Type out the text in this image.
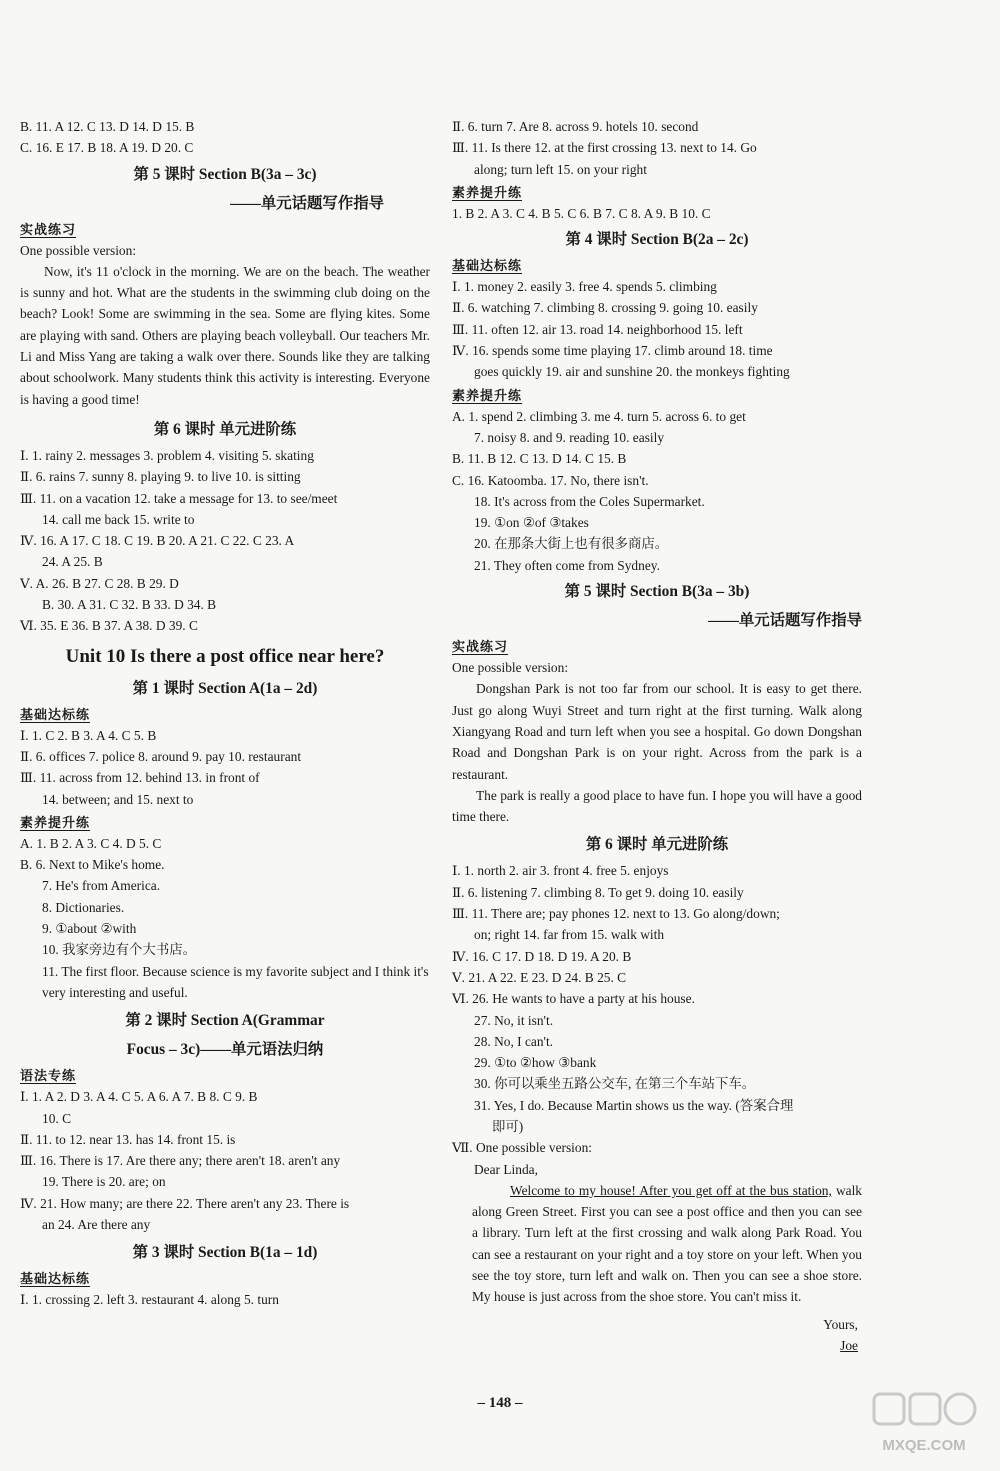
B. 11. A 12. C 13. D 14. D 15. B
C. 16. E 17. B 18. A 19. D 20. C
第 5 课时 Section B(3a – 3c)
——单元话题写作指导
实战练习
One possible version:
Now, it's 11 o'clock in the morning. We are on the beach. The weather is sunny and hot. What are the students in the swimming club doing on the beach? Look! Some are swimming in the sea. Some are flying kites. Some are playing with sand. Others are playing beach volleyball. Our teachers Mr. Li and Miss Yang are taking a walk over there. Sounds like they are talking about schoolwork. Many students think this activity is interesting. Everyone is having a good time!
第 6 课时 单元进阶练
Ⅰ. 1. rainy 2. messages 3. problem 4. visiting 5. skating
Ⅱ. 6. rains 7. sunny 8. playing 9. to live 10. is sitting
Ⅲ. 11. on a vacation 12. take a message for 13. to see/meet
14. call me back 15. write to
Ⅳ. 16. A 17. C 18. C 19. B 20. A 21. C 22. C 23. A
24. A 25. B
Ⅴ. A. 26. B 27. C 28. B 29. D
B. 30. A 31. C 32. B 33. D 34. B
Ⅵ. 35. E 36. B 37. A 38. D 39. C
Unit 10 Is there a post office near here?
第 1 课时 Section A(1a – 2d)
基础达标练
Ⅰ. 1. C 2. B 3. A 4. C 5. B
Ⅱ. 6. offices 7. police 8. around 9. pay 10. restaurant
Ⅲ. 11. across from 12. behind 13. in front of
14. between; and 15. next to
素养提升练
A. 1. B 2. A 3. C 4. D 5. C
B. 6. Next to Mike's home.
7. He's from America.
8. Dictionaries.
9. ①about ②with
10. 我家旁边有个大书店。
11. The first floor. Because science is my favorite subject and I think it's very interesting and useful.
第 2 课时 Section A(Grammar
Focus – 3c)——单元语法归纳
语法专练
Ⅰ. 1. A 2. D 3. A 4. C 5. A 6. A 7. B 8. C 9. B
10. C
Ⅱ. 11. to 12. near 13. has 14. front 15. is
Ⅲ. 16. There is 17. Are there any; there aren't 18. aren't any
19. There is 20. are; on
Ⅳ. 21. How many; are there 22. There aren't any 23. There is
an 24. Are there any
第 3 课时 Section B(1a – 1d)
基础达标练
Ⅰ. 1. crossing 2. left 3. restaurant 4. along 5. turn
Ⅱ. 6. turn 7. Are 8. across 9. hotels 10. second
Ⅲ. 11. Is there 12. at the first crossing 13. next to 14. Go
along; turn left 15. on your right
素养提升练
1. B 2. A 3. C 4. B 5. C 6. B 7. C 8. A 9. B 10. C
第 4 课时 Section B(2a – 2c)
基础达标练
Ⅰ. 1. money 2. easily 3. free 4. spends 5. climbing
Ⅱ. 6. watching 7. climbing 8. crossing 9. going 10. easily
Ⅲ. 11. often 12. air 13. road 14. neighborhood 15. left
Ⅳ. 16. spends some time playing 17. climb around 18. time
goes quickly 19. air and sunshine 20. the monkeys fighting
素养提升练
A. 1. spend 2. climbing 3. me 4. turn 5. across 6. to get
7. noisy 8. and 9. reading 10. easily
B. 11. B 12. C 13. D 14. C 15. B
C. 16. Katoomba. 17. No, there isn't.
18. It's across from the Coles Supermarket.
19. ①on ②of ③takes
20. 在那条大街上也有很多商店。
21. They often come from Sydney.
第 5 课时 Section B(3a – 3b)
——单元话题写作指导
实战练习
One possible version:
Dongshan Park is not too far from our school. It is easy to get there. Just go along Wuyi Street and turn right at the first turning. Walk along Xiangyang Road and turn left when you see a hospital. Go down Dongshan Road and Dongshan Park is on your right. Across from the park is a restaurant.
The park is really a good place to have fun. I hope you will have a good time there.
第 6 课时 单元进阶练
Ⅰ. 1. north 2. air 3. front 4. free 5. enjoys
Ⅱ. 6. listening 7. climbing 8. To get 9. doing 10. easily
Ⅲ. 11. There are; pay phones 12. next to 13. Go along/down;
on; right 14. far from 15. walk with
Ⅳ. 16. C 17. D 18. D 19. A 20. B
Ⅴ. 21. A 22. E 23. D 24. B 25. C
Ⅵ. 26. He wants to have a party at his house.
27. No, it isn't.
28. No, I can't.
29. ①to ②how ③bank
30. 你可以乘坐五路公交车, 在第三个车站下车。
31. Yes, I do. Because Martin shows us the way. (答案合理
即可)
Ⅶ. One possible version:
Dear Linda,
Welcome to my house! After you get off at the bus station, walk along Green Street. First you can see a post office and then you can see a library. Turn left at the first crossing and walk along Park Road. You can see a restaurant on your right and a toy store on your left. When you see the toy store, turn left and walk on. Then you can see a shoe store. My house is just across from the shoe store. You can't miss it.
Yours,
Joe
– 148 –
MXQE.COM
